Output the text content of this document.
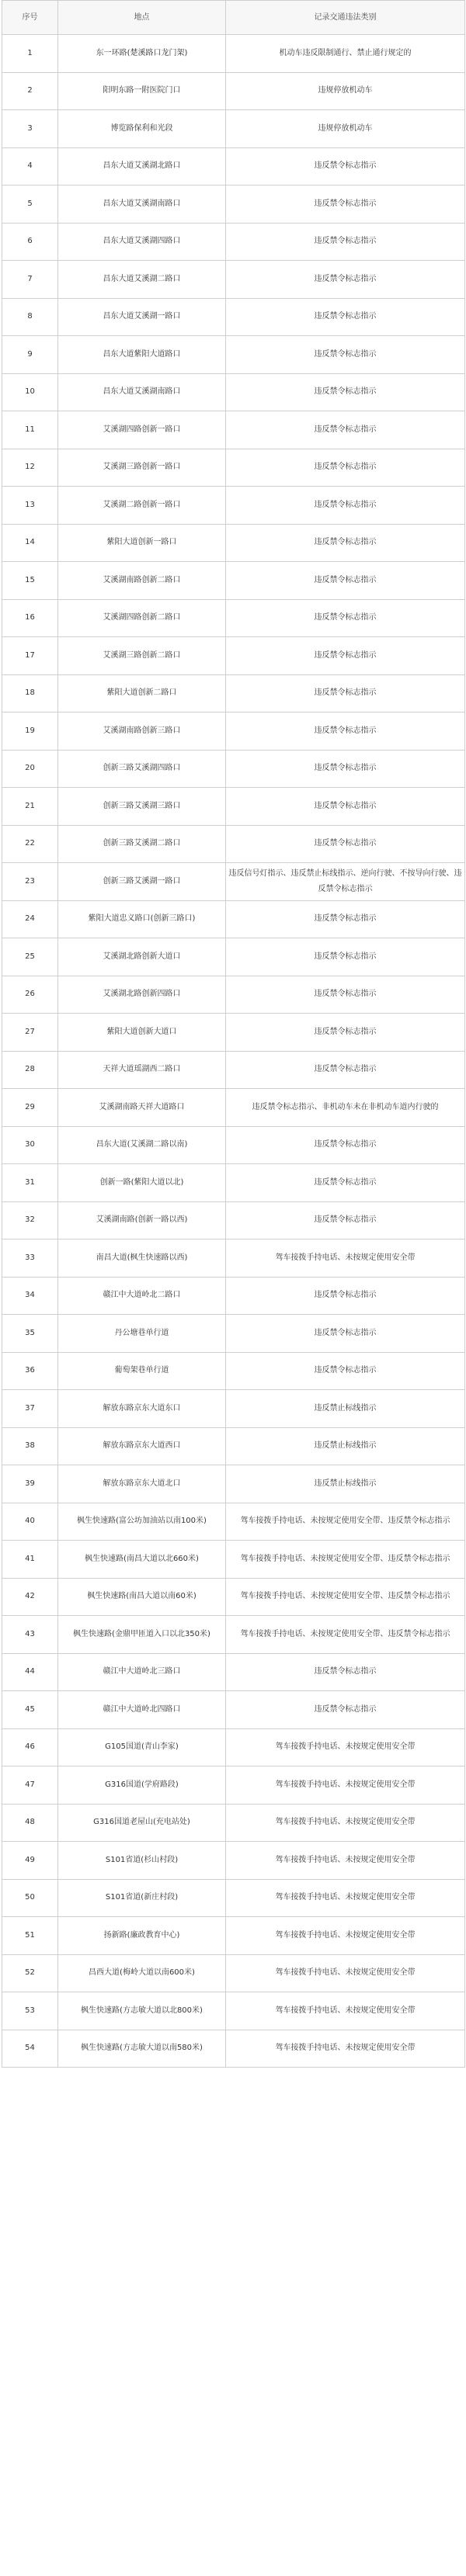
序号	地点	记录交通违法类别
1	东一环路(楚溪路口龙门架)	机动车违反限制通行、禁止通行规定的
2	阳明东路一附医院门口	违规停放机动车
3	博览路保利和光段	违规停放机动车
4	昌东大道艾溪湖北路口	违反禁令标志指示
5	昌东大道艾溪湖南路口	违反禁令标志指示
6	昌东大道艾溪湖四路口	违反禁令标志指示
7	昌东大道艾溪湖二路口	违反禁令标志指示
8	昌东大道艾溪湖一路口	违反禁令标志指示
9	昌东大道紫阳大道路口	违反禁令标志指示
10	昌东大道艾溪湖南路口	违反禁令标志指示
11	艾溪湖四路创新一路口	违反禁令标志指示
12	艾溪湖三路创新一路口	违反禁令标志指示
13	艾溪湖二路创新一路口	违反禁令标志指示
14	紫阳大道创新一路口	违反禁令标志指示
15	艾溪湖南路创新二路口	违反禁令标志指示
16	艾溪湖四路创新二路口	违反禁令标志指示
17	艾溪湖三路创新二路口	违反禁令标志指示
18	紫阳大道创新二路口	违反禁令标志指示
19	艾溪湖南路创新三路口	违反禁令标志指示
20	创新三路艾溪湖四路口	违反禁令标志指示
21	创新三路艾溪湖三路口	违反禁令标志指示
22	创新三路艾溪湖二路口	违反禁令标志指示
23	创新三路艾溪湖一路口	违反信号灯指示、违反禁止标线指示、逆向行驶、不按导向行驶、违反禁令标志指示
24	紫阳大道忠义路口(创新三路口)	违反禁令标志指示
25	艾溪湖北路创新大道口	违反禁令标志指示
26	艾溪湖北路创新四路口	违反禁令标志指示
27	紫阳大道创新大道口	违反禁令标志指示
28	天祥大道瑶湖西二路口	违反禁令标志指示
29	艾溪湖南路天祥大道路口	违反禁令标志指示、非机动车未在非机动车道内行驶的
30	昌东大道(艾溪湖二路以南)	违反禁令标志指示
31	创新一路(紫阳大道以北)	违反禁令标志指示
32	艾溪湖南路(创新一路以西)	违反禁令标志指示
33	南昌大道(枫生快速路以西)	驾车接拨手持电话、未按规定使用安全带
34	赣江中大道岭北二路口	违反禁令标志指示
35	丹公塘巷单行道	违反禁令标志指示
36	葡萄架巷单行道	违反禁令标志指示
37	解放东路京东大道东口	违反禁止标线指示
38	解放东路京东大道西口	违反禁止标线指示
39	解放东路京东大道北口	违反禁止标线指示
40	枫生快速路(富公坊加油站以南100米)	驾车接拨手持电话、未按规定使用安全带、违反禁令标志指示
41	枫生快速路(南昌大道以北660米)	驾车接拨手持电话、未按规定使用安全带、违反禁令标志指示
42	枫生快速路(南昌大道以南60米)	驾车接拨手持电话、未按规定使用安全带、违反禁令标志指示
43	枫生快速路(金鼎甲匝道入口以北350米)	驾车接拨手持电话、未按规定使用安全带、违反禁令标志指示
44	赣江中大道岭北三路口	违反禁令标志指示
45	赣江中大道岭北四路口	违反禁令标志指示
46	G105国道(青山李家)	驾车接拨手持电话、未按规定使用安全带
47	G316国道(学府路段)	驾车接拨手持电话、未按规定使用安全带
48	G316国道老屋山(充电站处)	驾车接拨手持电话、未按规定使用安全带
49	S101省道(杉山村段)	驾车接拨手持电话、未按规定使用安全带
50	S101省道(新庄村段)	驾车接拨手持电话、未按规定使用安全带
51	扬新路(廉政教育中心)	驾车接拨手持电话、未按规定使用安全带
52	昌西大道(梅岭大道以南600米)	驾车接拨手持电话、未按规定使用安全带
53	枫生快速路(方志敏大道以北800米)	驾车接拨手持电话、未按规定使用安全带
54	枫生快速路(方志敏大道以南580米)	驾车接拨手持电话、未按规定使用安全带
